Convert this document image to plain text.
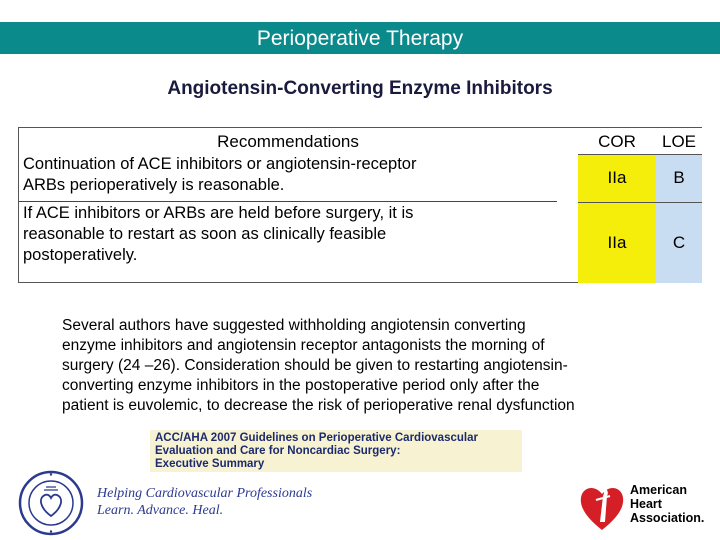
Perioperative Therapy
Angiotensin-Converting Enzyme Inhibitors
Recommendations
Continuation of ACE inhibitors or angiotensin-receptor
ARBs perioperatively is reasonable.
If ACE inhibitors or ARBs are held before surgery, it is
reasonable to restart as soon as clinically feasible
postoperatively.
COR
IIa
IIa
LOE
B
C
Several authors have suggested withholding angiotensin converting
enzyme inhibitors and angiotensin receptor antagonists the morning of
surgery (24 –26). Consideration should be given to restarting angiotensin-
converting enzyme inhibitors in the postoperative period only after the
patient is euvolemic, to decrease the risk of perioperative renal dysfunction
ACC/AHA 2007 Guidelines on Perioperative Cardiovascular
Evaluation and Care for Noncardiac Surgery:
Executive Summary
Helping Cardiovascular Professionals
Learn. Advance. Heal.
American
Heart
Association.
